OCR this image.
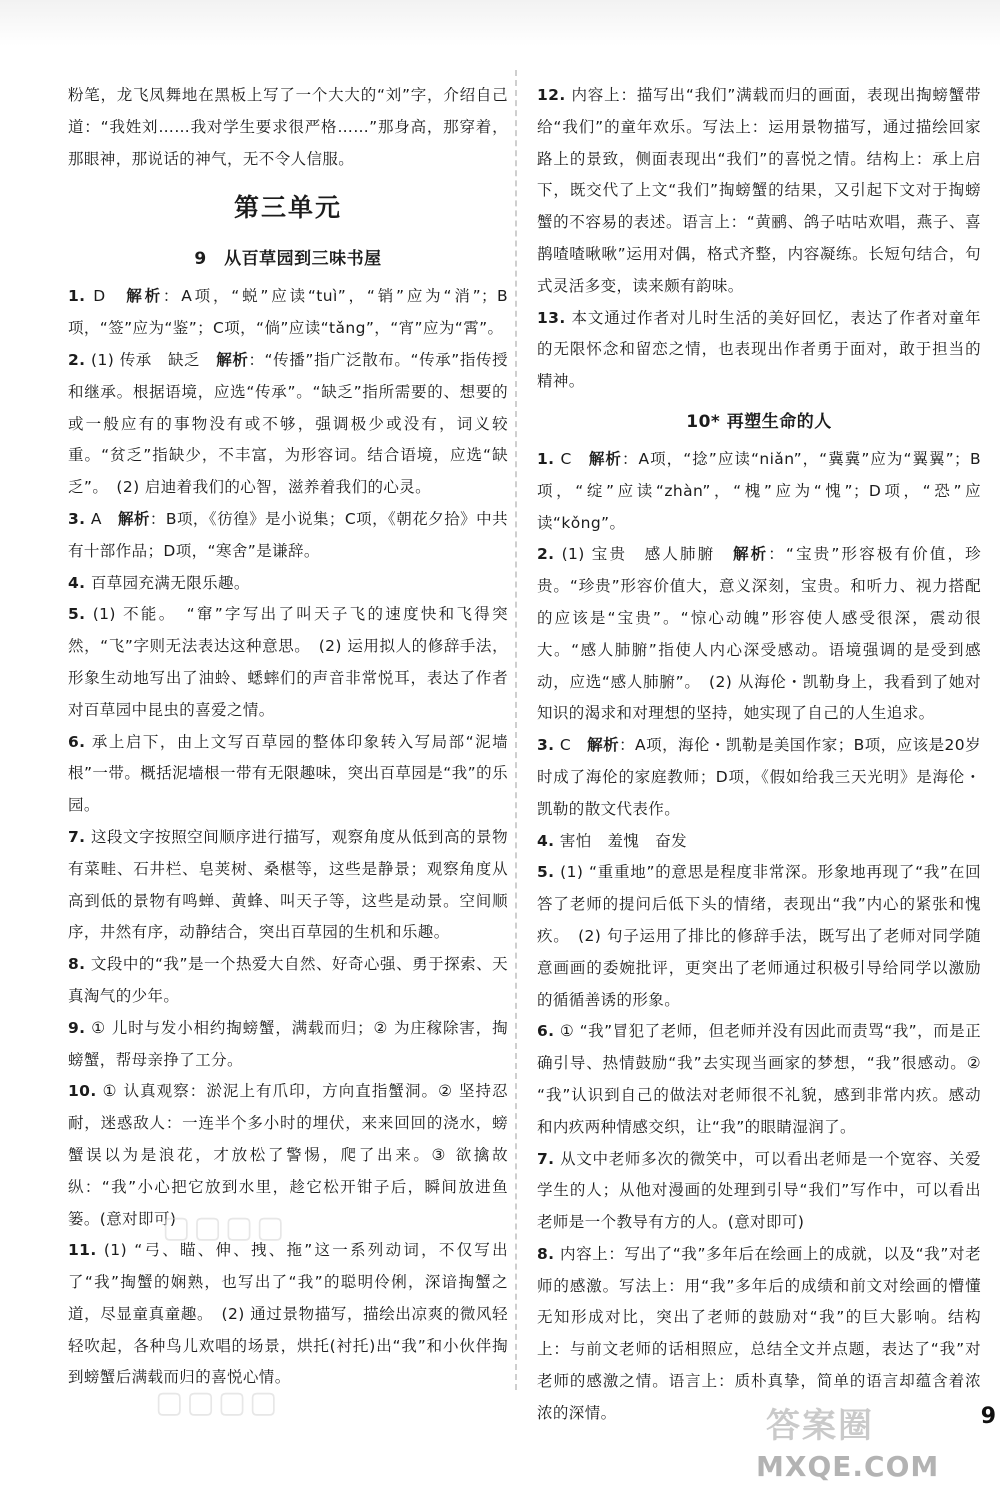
粉笔，龙飞凤舞地在黑板上写了一个大大的“刘”字，介绍自己道：“我姓刘……我对学生要求很严格……”那身高，那穿着，那眼神，那说话的神气，无不令人信服。

第三单元
9　从百草园到三味书屋

1. D　解析：A项，“蜕”应读“tuì”，“销”应为“消”；B项，“签”应为“鉴”；C项，“倘”应读“tǎng”，“宵”应为“霄”。

2. (1) 传承　缺乏　解析：“传播”指广泛散布。“传承”指传授和继承。根据语境，应选“传承”。“缺乏”指所需要的、想要的或一般应有的事物没有或不够，强调极少或没有，词义较重。“贫乏”指缺少，不丰富，为形容词。结合语境，应选“缺乏”。　(2) 启迪着我们的心智，滋养着我们的心灵。

3. A　解析：B项，《彷徨》是小说集；C项，《朝花夕拾》中共有十部作品；D项，“寒舍”是谦辞。

4. 百草园充满无限乐趣。

5. (1) 不能。　“窜”字写出了叫天子飞的速度快和飞得突然，“飞”字则无法表达这种意思。　(2) 运用拟人的修辞手法，形象生动地写出了油蛉、蟋蟀们的声音非常悦耳，表达了作者对百草园中昆虫的喜爱之情。

6. 承上启下，由上文写百草园的整体印象转入写局部“泥墙根”一带。概括泥墙根一带有无限趣味，突出百草园是“我”的乐园。

7. 这段文字按照空间顺序进行描写，观察角度从低到高的景物有菜畦、石井栏、皂荚树、桑椹等，这些是静景；观察角度从高到低的景物有鸣蝉、黄蜂、叫天子等，这些是动景。空间顺序，井然有序，动静结合，突出百草园的生机和乐趣。

8. 文段中的“我”是一个热爱大自然、好奇心强、勇于探索、天真淘气的少年。

9. ① 儿时与发小相约掏螃蟹，满载而归；② 为庄稼除害，掏螃蟹，帮母亲挣了工分。

10. ① 认真观察：淤泥上有爪印，方向直指蟹洞。② 坚持忍耐，迷惑敌人：一连半个多小时的埋伏，来来回回的浇水，螃蟹误以为是浪花，才放松了警惕，爬了出来。③ 欲擒故纵：“我”小心把它放到水里，趁它松开钳子后，瞬间放进鱼篓。(意对即可)

11. (1) “弓、瞄、伸、拽、拖”这一系列动词，不仅写出了“我”掏蟹的娴熟，也写出了“我”的聪明伶俐，深谙掏蟹之道，尽显童真童趣。　(2) 通过景物描写，描绘出凉爽的微风轻轻吹起，各种鸟儿欢唱的场景，烘托(衬托)出“我”和小伙伴掏到螃蟹后满载而归的喜悦心情。

12. 内容上：描写出“我们”满载而归的画面，表现出掏螃蟹带给“我们”的童年欢乐。写法上：运用景物描写，通过描绘回家路上的景致，侧面表现出“我们”的喜悦之情。结构上：承上启下，既交代了上文“我们”掏螃蟹的结果，又引起下文对于掏螃蟹的不容易的表述。语言上：“黄鹂、鸽子咕咕欢唱，燕子、喜鹊喳喳啾啾”运用对偶，格式齐整，内容凝练。长短句结合，句式灵活多变，读来颇有韵味。

13. 本文通过作者对儿时生活的美好回忆，表达了作者对童年的无限怀念和留恋之情，也表现出作者勇于面对，敢于担当的精神。

10* 再塑生命的人

1. C　解析：A项，“捻”应读“niǎn”，“冀冀”应为“翼翼”；B项，“绽”应读“zhàn”，“槐”应为“愧”；D项，“恐”应读“kǒng”。

2. (1) 宝贵　感人肺腑　解析：“宝贵”形容极有价值，珍贵。“珍贵”形容价值大，意义深刻，宝贵。和听力、视力搭配的应该是“宝贵”。“惊心动魄”形容使人感受很深，震动很大。“感人肺腑”指使人内心深受感动。语境强调的是受到感动，应选“感人肺腑”。　(2) 从海伦・凯勒身上，我看到了她对知识的渴求和对理想的坚持，她实现了自己的人生追求。

3. C　解析：A项，海伦・凯勒是美国作家；B项，应该是20岁时成了海伦的家庭教师；D项，《假如给我三天光明》是海伦・凯勒的散文代表作。

4. 害怕　羞愧　奋发

5. (1) “重重地”的意思是程度非常深。形象地再现了“我”在回答了老师的提问后低下头的情绪，表现出“我”内心的紧张和愧疚。　(2) 句子运用了排比的修辞手法，既写出了老师对同学随意画画的委婉批评，更突出了老师通过积极引导给同学以激励的循循善诱的形象。

6. ① “我”冒犯了老师，但老师并没有因此而责骂“我”，而是正确引导、热情鼓励“我”去实现当画家的梦想，“我”很感动。② “我”认识到自己的做法对老师很不礼貌，感到非常内疚。感动和内疚两种情感交织，让“我”的眼睛湿润了。

7. 从文中老师多次的微笑中，可以看出老师是一个宽容、关爱学生的人；从他对漫画的处理到引导“我们”写作中，可以看出老师是一个教导有方的人。(意对即可)

8. 内容上：写出了“我”多年后在绘画上的成就，以及“我”对老师的感激。写法上：用“我”多年后的成绩和前文对绘画的懵懂无知形成对比，突出了老师的鼓励对“我”的巨大影响。结构上：与前文老师的话相照应，总结全文并点题，表达了“我”对老师的感激之情。语言上：质朴真挚，简单的语言却蕴含着浓浓的深情。

▢▢▢▢
▢▢▢▢
答案圈
MXQE.COM
9
